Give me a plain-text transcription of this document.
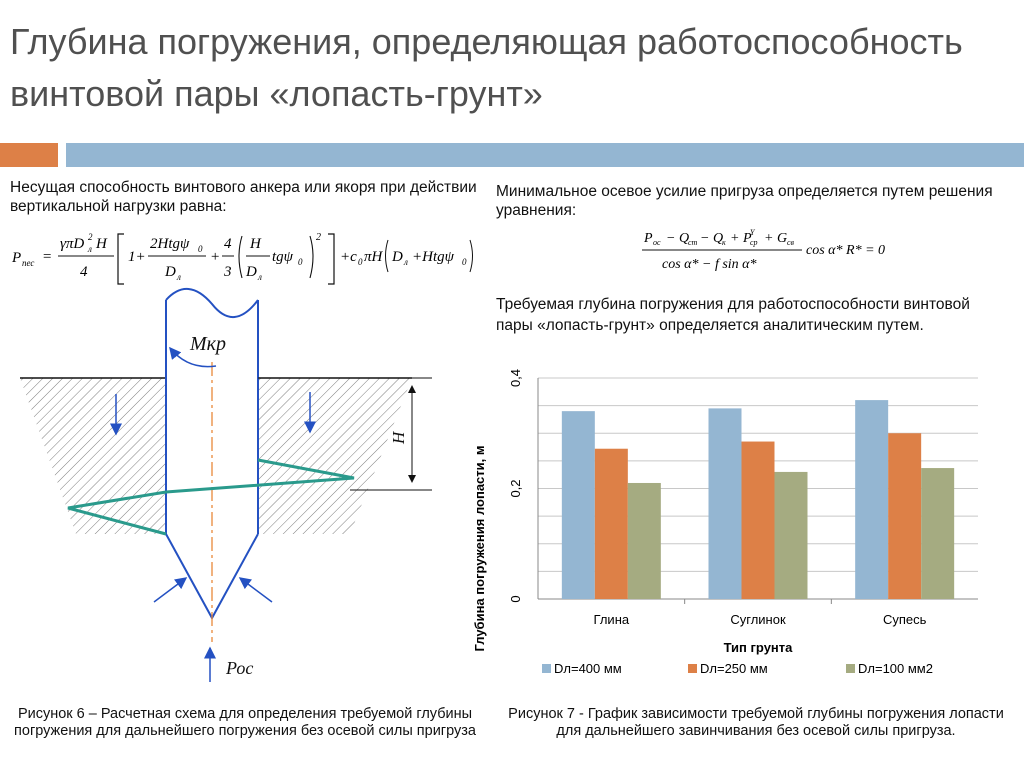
Глубина погружения, определяющая работоспособность винтовой пары «лопасть-грунт»
Несущая способность винтового анкера или якоря при действии вертикальной нагрузки равна:
P пес =
γπD л
2 H
4
1+
2Htgψ 0
D л
+
4
3
H
D л
tgψ 0
2
+c 0 πH D л +Htgψ 0
Мкр
Рос
Н
Рисунок 6 – Расчетная схема для определения требуемой глубины погружения для дальнейшего погружения без осевой силы пригруза
Минимальное осевое усилие пригруза определяется путем решения уравнения:
P ос − Q
ст − Q
к + P
ср
Y + G св
cos α* − f sin α*
cos α* R* = 0
Требуемая глубина погружения для работоспособности винтовой пары «лопасть-грунт» определяется аналитическим путем.
0
0,2
0,4
Глина	Суглинок	Супесь
Тип грунта
Глубина погружения лопасти, м
Dл=400 мм	Dл=250 мм	Dл=100 мм2
Рисунок 7 - График зависимости требуемой глубины погружения лопасти для дальнейшего завинчивания без осевой силы пригруза.
